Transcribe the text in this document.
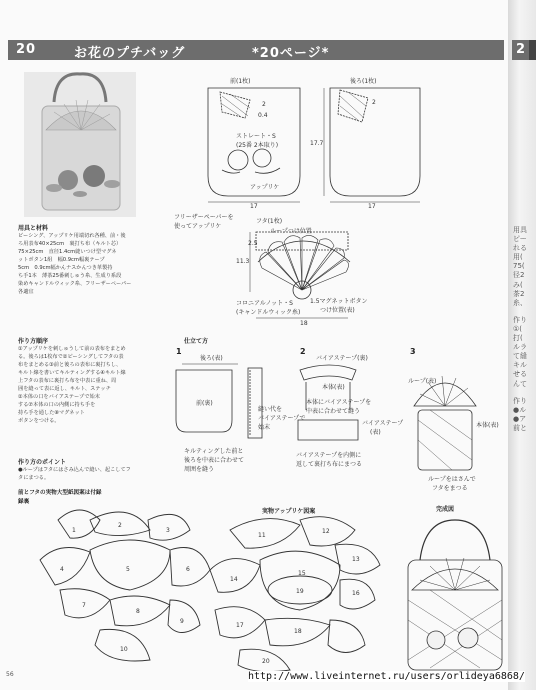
20	お花のプチバッグ	*20ページ*	2
用具
ピー
れる
用(
75(
径2
み(
茶2
糸、
作り
①(
打(
ルラ
て縫
キル
せる
んて
作り
●ル
●ア
前と
用具と材料
ピーシング、アップリケ用端切れ各種、前・後
ろ用表布40×25cm　裏打ち布（キルト芯）
75×25cm　直径1.4cm縫いつけ型マグネ
ットボタン1組　幅0.9cm幅裏テープ
5cm　0.9cm幅かんナスかんつき革製持
ち手1本　薄茶25番刺しゅう糸、生成り系段
染めキャンドルウィック糸、フリーザーペーパー
各適宜
作り方順序
①アップリケを刺しゅうして前の表布をまとめ
る。後ろは1枚布で②ピーシングしてフタの表
布をまとめる③前と後ろの表布に裏打ちし、
キルト線を書いてキルティングする④キルト線
上フタの表布に裏打ち布を中表に重ね、周
囲を縫って表に返し、キルト、ステッチ
②本体の口をバイアステープで始末
する⑦本体の口の内側に持ち手を
持ち手を通した⑧マグネット
ボタンをつける。
作り方のポイント
●ループはフタにはさみ込んで縫い、起こしてフ
タにまつる。
前とフタの実物大型紙図案は付録
録裏
前(1枚)	後ろ(1枚)
2
0.4
ストレート・S
(25番 2本取り)
アップリケ
17	17
17.7
2
フリーザーペーパーを
使ってアップリケ
フタ(1枚)
ループつけ位置
2.5
11.3
コロニアルノット・S
(キャンドルウィック糸)
1.5マグネットボタン
つけ位置(表)
18
仕立て方
1	2	3
後ろ(表)
前(裏)
縫い代を
バイアステープで
始末
キルティングした前と
後ろを中表に合わせて
周囲を縫う
バイアステープ(裏)
本体(表)
本体にバイアステープを
中表に合わせて縫う
バイアステープ
(表)
バイアステープを内側に
返して裏打ち布にまつる
ループ(表)
本体(表)
ループをはさんで
フタをまつる
実物アップリケ図案	完成図
1
2
3
4	5	6
7
8
9
10
11
12
13
14
15
16
17
18
19
20
56	http://www.liveinternet.ru/users/orlideya6868/
